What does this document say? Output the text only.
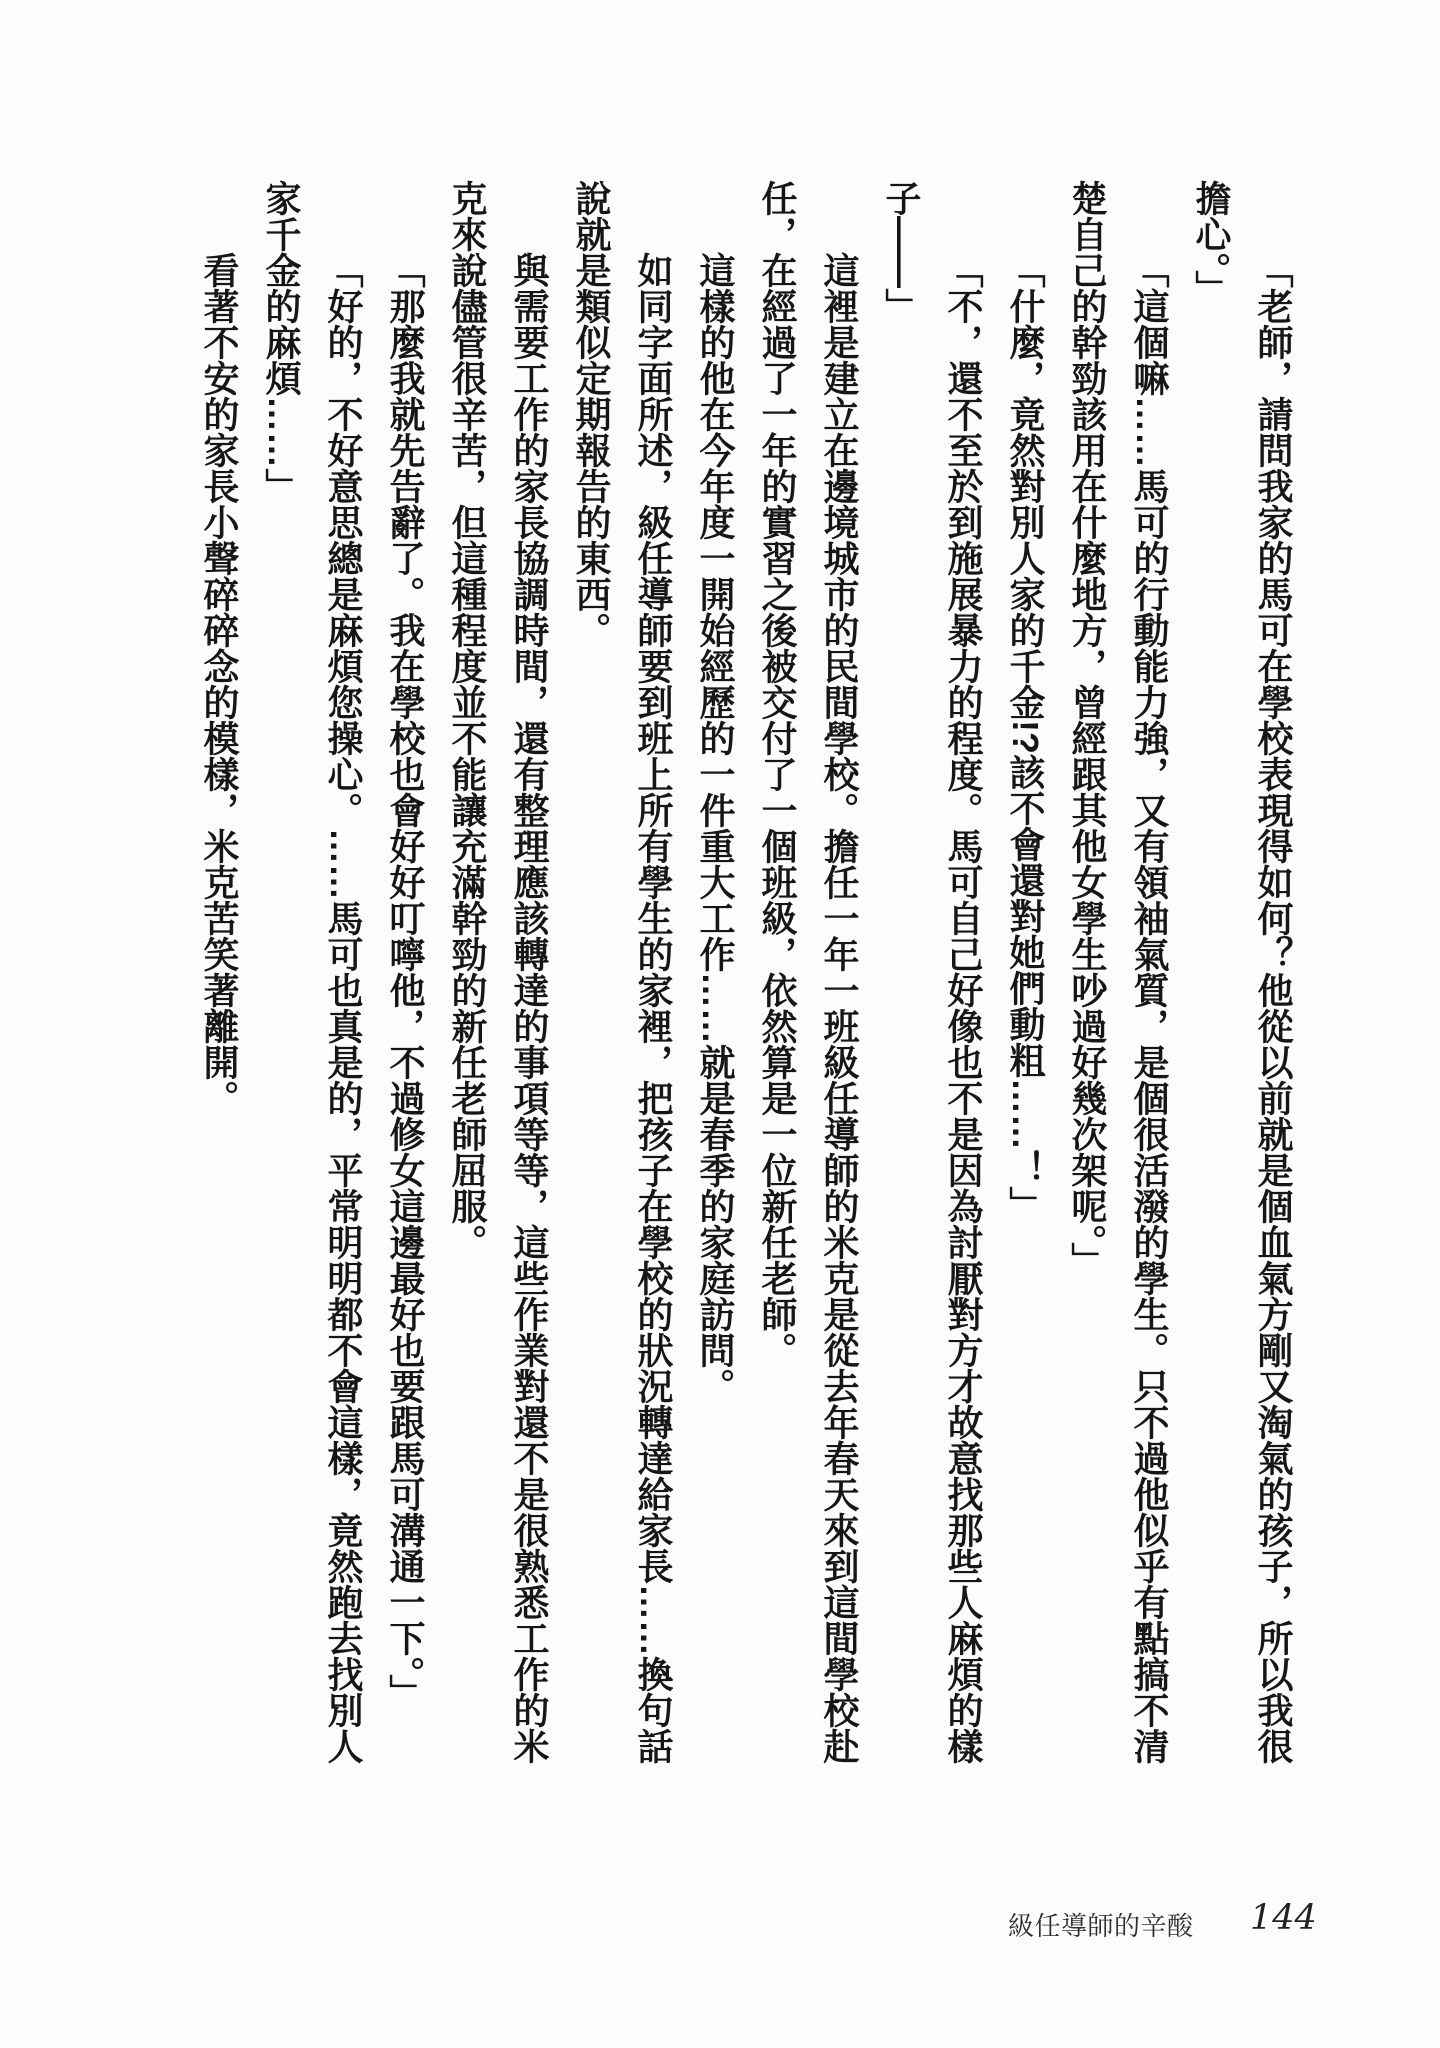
「老師，請問我家的馬可在學校表現得如何？他從以前就是個血氣方剛又淘氣的孩子，所以我很
擔心。」
「這個嘛……馬可的行動能力強，又有領袖氣質，是個很活潑的學生。只不過他似乎有點搞不清
楚自己的幹勁該用在什麼地方，曾經跟其他女學生吵過好幾次架呢。」
「什麼，竟然對別人家的千金!?該不會還對她們動粗……！」
「不，還不至於到施展暴力的程度。馬可自己好像也不是因為討厭對方才故意找那些人麻煩的樣
子——」
這裡是建立在邊境城市的民間學校。擔任一年一班級任導師的米克是從去年春天來到這間學校赴
任，在經過了一年的實習之後被交付了一個班級，依然算是一位新任老師。
這樣的他在今年度一開始經歷的一件重大工作……就是春季的家庭訪問。
如同字面所述，級任導師要到班上所有學生的家裡，把孩子在學校的狀況轉達給家長……換句話
說就是類似定期報告的東西。
與需要工作的家長協調時間，還有整理應該轉達的事項等等，這些作業對還不是很熟悉工作的米
克來說儘管很辛苦，但這種程度並不能讓充滿幹勁的新任老師屈服。
「那麼我就先告辭了。我在學校也會好好叮嚀他，不過修女這邊最好也要跟馬可溝通一下。」
「好的，不好意思總是麻煩您操心。……馬可也真是的，平常明明都不會這樣，竟然跑去找別人
家千金的麻煩……」
看著不安的家長小聲碎碎念的模樣，米克苦笑著離開。
級任導師的辛酸 144
